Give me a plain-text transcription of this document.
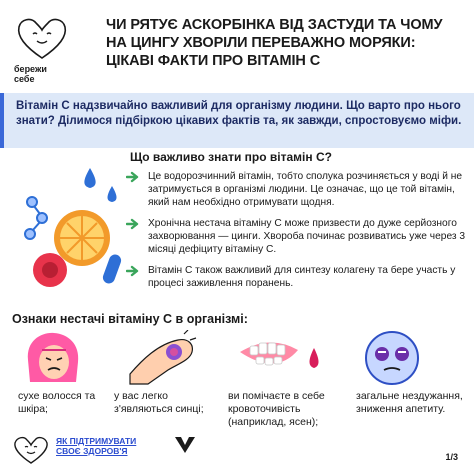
бережи
себе
ЧИ РЯТУЄ АСКОРБІНКА ВІД ЗАСТУДИ ТА ЧОМУ НА ЦИНГУ ХВОРІЛИ ПЕРЕВАЖНО МОРЯКИ: ЦІКАВІ ФАКТИ ПРО ВІТАМІН С

Вітамін С надзвичайно важливий для організму людини. Що варто про нього знати? Ділимося підбіркою цікавих фактів та, як завжди, спростовуємо міфи.

Що важливо знати про вітамін С?

Це водорозчинний вітамін, тобто сполука розчиняється у воді й не затримується в організмі людини. Це означає, що це той вітамін, який нам необхідно отримувати щодня.

Хронічна нестача вітаміну С може призвести до дуже серйозного захворювання — цинги. Хвороба починає розвиватись уже через 3 місяці дефіциту вітаміну С.

Вітамін С також важливий для синтезу колагену та бере участь у процесі заживлення поранень.

Ознаки нестачі вітаміну С в організмі:
сухе волосся та шкіра;
у вас легко з'являються синці;
ви помічаєте в себе кровоточивість (наприклад, ясен);
загальне нездужання, зниження апетиту.
ЯК ПІДТРИМУВАТИ
СВОЄ ЗДОРОВ'Я
1/3
